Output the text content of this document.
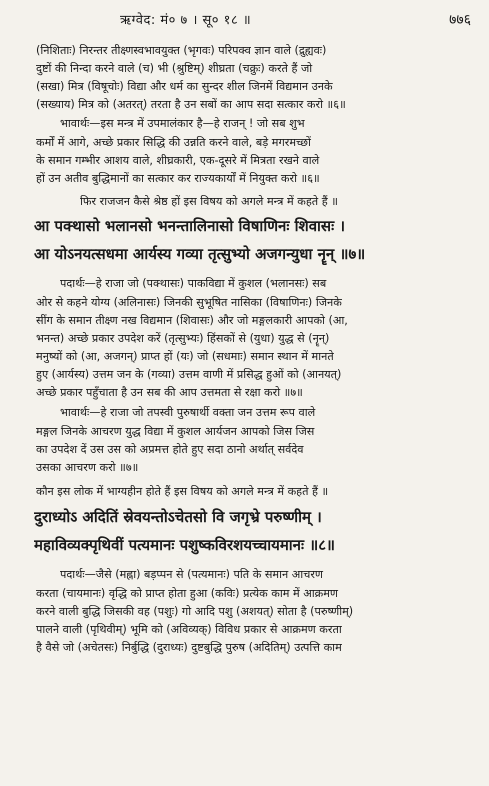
ऋग्वेद: मं० ७ । सू० १८ ॥	७७६
(निशिताः) निरन्तर तीक्ष्णस्वभावयुक्त (भृगवः) परिपक्व ज्ञान वाले (द्रुह्यवः)
दुष्टों की निन्दा करने वाले (च) भी (श्रुष्टिम्) शीघ्रता (चक्रुः) करते हैं जो
(सखा) मित्र (विषूचोः) विद्या और धर्म का सुन्दर शील जिनमें विद्यमान उनके
(सख्याय) मित्र को (अतरत्) तरता है उन सबों का आप सदा सत्कार करो ॥६॥
भावार्थः—इस मन्त्र में उपमालंकार है—हे राजन् ! जो सब शुभ
कर्मों में आगे, अच्छे प्रकार सिद्धि की उन्नति करने वाले, बड़े मगरमच्छों
के समान गम्भीर आशय वाले, शीघ्रकारी, एक-दूसरे में मित्रता रखने वाले
हों उन अतीव बुद्धिमानों का सत्कार कर राज्यकार्यों में नियुक्त करो ॥६॥
फिर राजजन कैसे श्रेष्ठ हों इस विषय को अगले मन्त्र में कहते हैं ॥
आ पक्थासो भलानसो भनन्तालिनासो विषाणिनः शिवासः ।
आ योऽनयत्सधमा आर्यस्य गव्या तृत्सुभ्यो अजगन्युधा नॄन् ॥७॥
पदार्थः—हे राजा जो (पक्थासः) पाकविद्या में कुशल (भलानसः) सब
ओर से कहने योग्य (अलिनासः) जिनकी सुभूषित नासिका (विषाणिनः) जिनके
सींग के समान तीक्ष्ण नख विद्यमान (शिवासः) और जो मङ्गलकारी आपको (आ,
भनन्त) अच्छे प्रकार उपदेश करें (तृत्सुभ्यः) हिंसकों से (युधा) युद्ध से (नॄन्)
मनुष्यों को (आ, अजगन्) प्राप्त हों (यः) जो (सधमाः) समान स्थान में मानते
हुए (आर्यस्य) उत्तम जन के (गव्या) उत्तम वाणी में प्रसिद्ध हुओं को (आनयत्)
अच्छे प्रकार पहुँचाता है उन सब की आप उत्तमता से रक्षा करो ॥७॥
भावार्थः—हे राजा जो तपस्वी पुरुषार्थी वक्ता जन उत्तम रूप वाले
मङ्गल जिनके आचरण युद्ध विद्या में कुशल आर्यजन आपको जिस जिस
का उपदेश दें उस उस को अप्रमत्त होते हुए सदा ठानो अर्थात् सर्वदेव
उसका आचरण करो ॥७॥
कौन इस लोक में भाग्यहीन होते हैं इस विषय को अगले मन्त्र में कहते हैं ॥
दुराध्योऽ अदितिं स्रेवयन्तोऽचेतसो वि जगृभ्रे परुष्णीम् ।
महाविव्यक्पृथिवीं पत्यमानः पशुष्कविरशयच्चायमानः ॥८॥
पदार्थः—जैसे (मह्ना) बड़प्पन से (पत्यमानः) पति के समान आचरण
करता (चायमानः) वृद्धि को प्राप्त होता हुआ (कविः) प्रत्येक काम में आक्रमण
करने वाली बुद्धि जिसकी वह (पशुः) गो आदि पशु (अशयत्) सोता है (परुष्णीम्)
पालने वाली (पृथिवीम्) भूमि को (अविव्यक्) विविध प्रकार से आक्रमण करता
है वैसे जो (अचेतसः) निर्बुद्धि (दुराध्यः) दुष्टबुद्धि पुरुष (अदितिम्) उत्पत्ति काम
